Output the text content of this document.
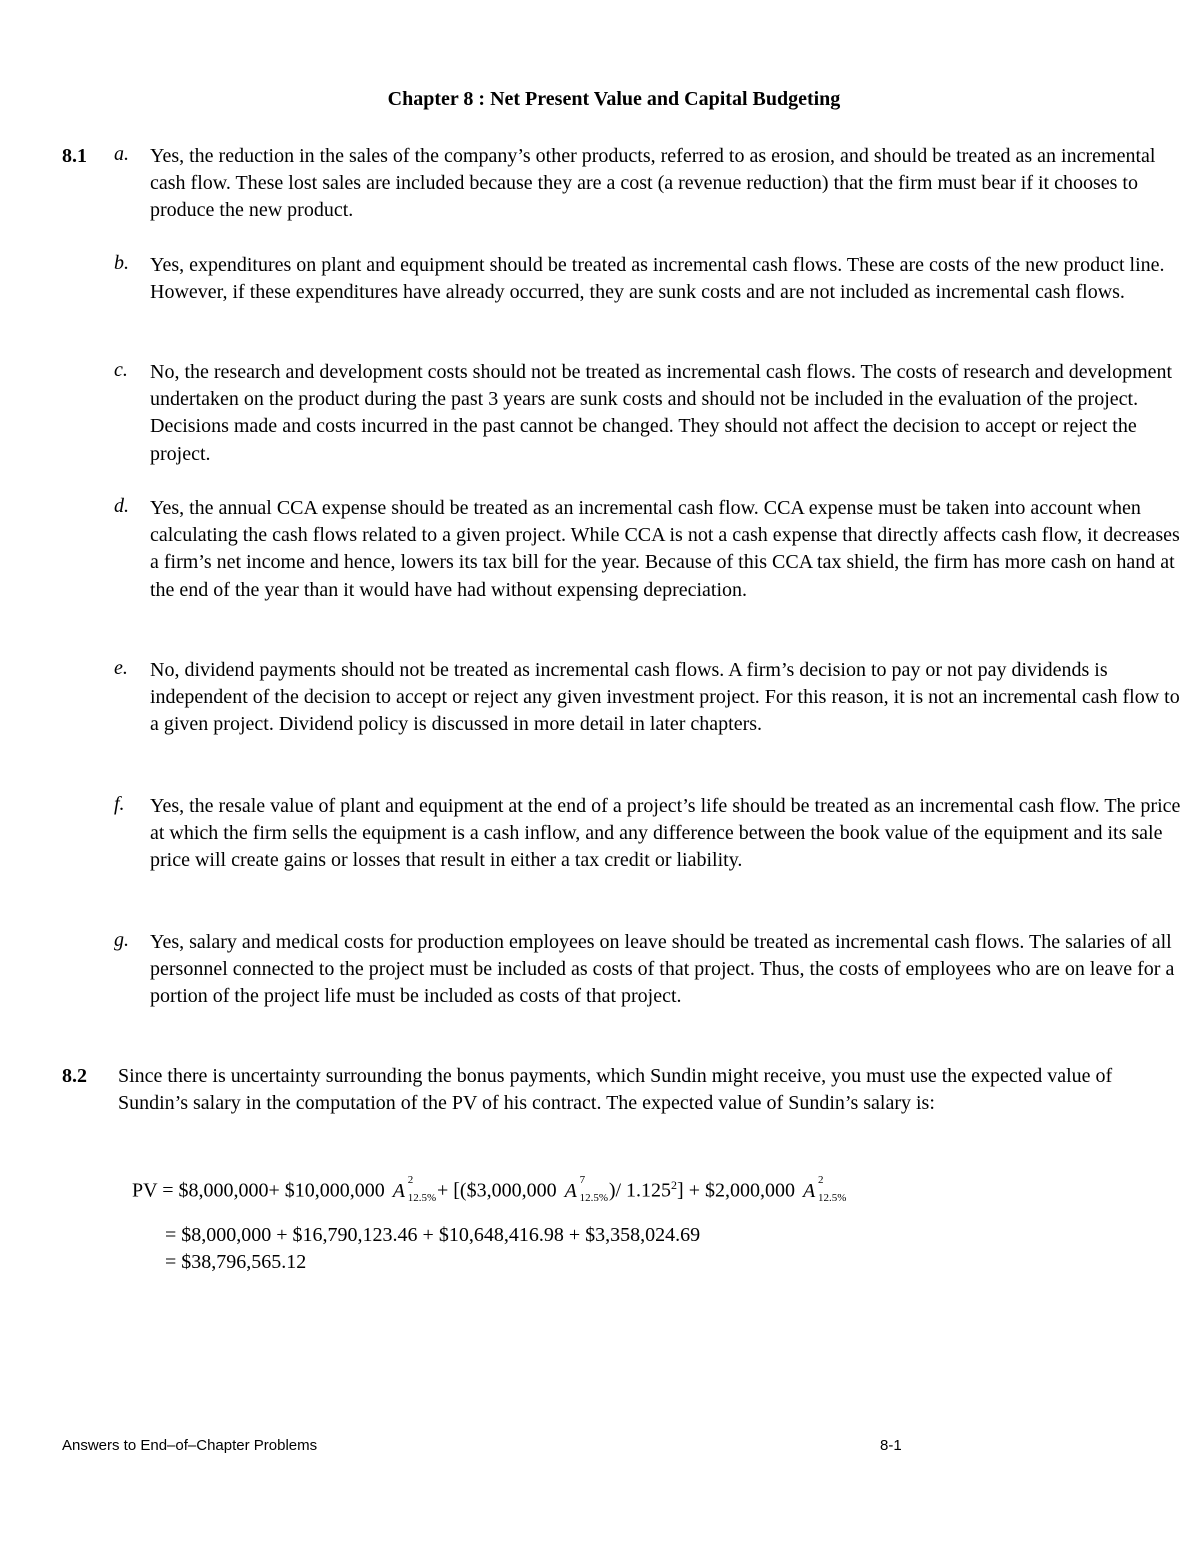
Chapter 8 : Net Present Value and Capital Budgeting
8.1 a.	Yes, the reduction in the sales of the company’s other products, referred to as erosion, and should be treated as an incremental cash flow. These lost sales are included because they are a cost (a revenue reduction) that the firm must bear if it chooses to produce the new product.
b.	Yes, expenditures on plant and equipment should be treated as incremental cash flows. These are costs of the new product line. However, if these expenditures have already occurred, they are sunk costs and are not included as incremental cash flows.
c.	No, the research and development costs should not be treated as incremental cash flows. The costs of research and development undertaken on the product during the past 3 years are sunk costs and should not be included in the evaluation of the project. Decisions made and costs incurred in the past cannot be changed. They should not affect the decision to accept or reject the project.
d.	Yes, the annual CCA expense should be treated as an incremental cash flow. CCA expense must be taken into account when calculating the cash flows related to a given project. While CCA is not a cash expense that directly affects cash flow, it decreases a firm’s net income and hence, lowers its tax bill for the year. Because of this CCA tax shield, the firm has more cash on hand at the end of the year than it would have had without expensing depreciation.
e.	No, dividend payments should not be treated as incremental cash flows. A firm’s decision to pay or not pay dividends is independent of the decision to accept or reject any given investment project. For this reason, it is not an incremental cash flow to a given project. Dividend policy is discussed in more detail in later chapters.
f.	Yes, the resale value of plant and equipment at the end of a project’s life should be treated as an incremental cash flow. The price at which the firm sells the equipment is a cash inflow, and any difference between the book value of the equipment and its sale price will create gains or losses that result in either a tax credit or liability.
g.	Yes, salary and medical costs for production employees on leave should be treated as incremental cash flows. The salaries of all personnel connected to the project must be included as costs of that project. Thus, the costs of employees who are on leave for a portion of the project life must be included as costs of that project.
8.2 Since there is uncertainty surrounding the bonus payments, which Sundin might receive, you must use the expected value of Sundin’s salary in the computation of the PV of his contract. The expected value of Sundin’s salary is:
PV = $8,000,000+ $10,000,000 A 2
12.5% + [($3,000,000 A 7
12.5% )/ $1.125^2$] + $2,000,000 A 2
12.5%
= $8,000,000 + $16,790,123.46 + $10,648,416.98 + $3,358,024.69
= $38,796,565.12
Answers to End–of–Chapter Problems	8-1
